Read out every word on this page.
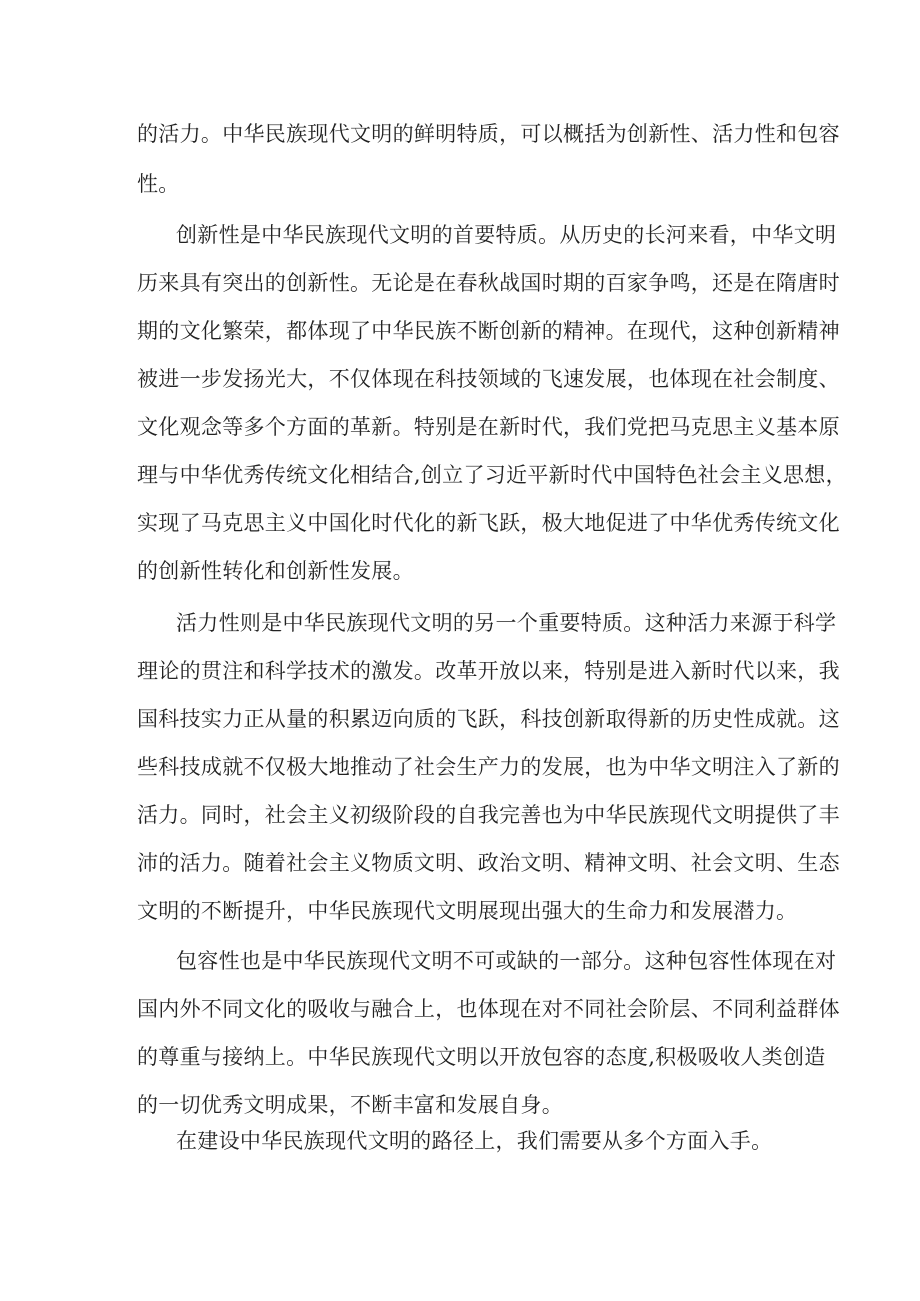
的活力。中华民族现代文明的鲜明特质，可以概括为创新性、活力性和包容

性。

创新性是中华民族现代文明的首要特质。从历史的长河来看，中华文明

历来具有突出的创新性。无论是在春秋战国时期的百家争鸣，还是在隋唐时

期的文化繁荣，都体现了中华民族不断创新的精神。在现代，这种创新精神

被进一步发扬光大，不仅体现在科技领域的飞速发展，也体现在社会制度、

文化观念等多个方面的革新。特别是在新时代，我们党把马克思主义基本原

理与中华优秀传统文化相结合,创立了习近平新时代中国特色社会主义思想，

实现了马克思主义中国化时代化的新飞跃，极大地促进了中华优秀传统文化

的创新性转化和创新性发展。

活力性则是中华民族现代文明的另一个重要特质。这种活力来源于科学

理论的贯注和科学技术的激发。改革开放以来，特别是进入新时代以来，我

国科技实力正从量的积累迈向质的飞跃，科技创新取得新的历史性成就。这

些科技成就不仅极大地推动了社会生产力的发展，也为中华文明注入了新的

活力。同时，社会主义初级阶段的自我完善也为中华民族现代文明提供了丰

沛的活力。随着社会主义物质文明、政治文明、精神文明、社会文明、生态

文明的不断提升，中华民族现代文明展现出强大的生命力和发展潜力。

包容性也是中华民族现代文明不可或缺的一部分。这种包容性体现在对

国内外不同文化的吸收与融合上，也体现在对不同社会阶层、不同利益群体

的尊重与接纳上。中华民族现代文明以开放包容的态度,积极吸收人类创造

的一切优秀文明成果，不断丰富和发展自身。

在建设中华民族现代文明的路径上，我们需要从多个方面入手。
